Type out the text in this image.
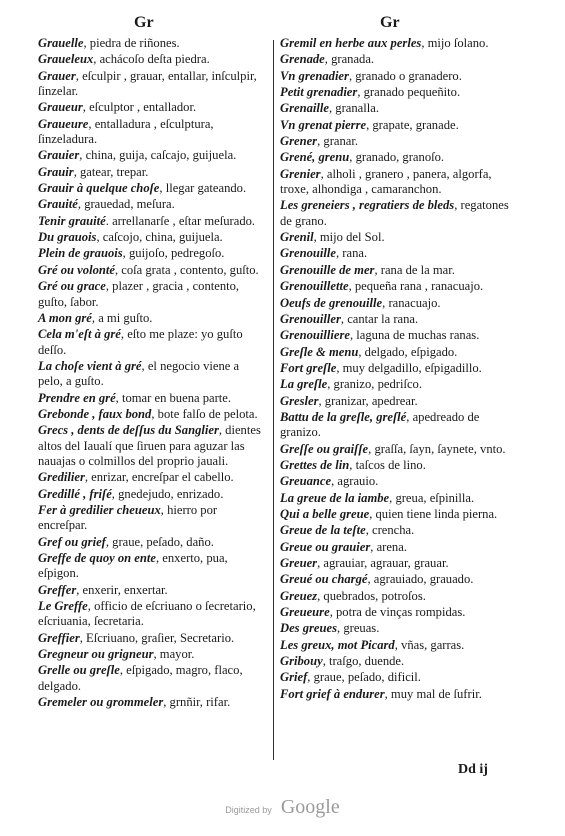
Gr	Gr
Grauelle, piedra de riñones.
Graueleux, achácoſo deſta piedra.
Grauer, eſculpir , grauar, entallar, inſculpir, ſinzelar.
Graueur, eſculptor , entallador.
Graueure, entalladura , eſculptura, ſinzeladura.
Grauier, china, guija, caſcajo, guijuela.
Grauir, gatear, trepar.
Grauir à quelque choſe, llegar gateando.
Grauité, grauedad, meſura.
Tenir grauité. arrellanarſe , eſtar meſurado.
Du grauois, caſcojo, china, guijuela.
Plein de grauois, guijoſo, pedregoſo.
Gré ou volonté, coſa grata , contento, guſto.
Gré ou grace, plazer , gracia , contento, guſto, ſabor.
A mon gré, a mi guſto.
Cela m'eſt à gré, eſto me plaze: yo guſto deſſo.
La choſe vient à gré, el negocio viene a pelo, a guſto.
Prendre en gré, tomar en buena parte.
Grebonde , faux bond, bote falſo de pelota.
Grecs , dents de deſſus du Sanglier, dientes altos del Iaualí que ſiruen para aguzar las nauajas o colmillos del proprio jauali.
Gredilier, enrizar, encreſpar el cabello.
Gredillé , friſé, gnedejudo, enrizado.
Fer à gredilier cheueux, hierro por encreſpar.
Gref ou grief, graue, peſado, daño.
Greffe de quoy on ente, enxerto, pua, eſpigon.
Greffer, enxerir, enxertar.
Le Greffe, officio de eſcriuano o ſecretario, eſcriuania, ſecretaria.
Greffier, Eſcriuano, graſier, Secretario.
Gregneur ou grigneur, mayor.
Grelle ou greſle, eſpigado, magro, flaco, delgado.
Gremeler ou grommeler, grnñir, rifar.
Gremil en herbe aux perles, mijo ſolano.
Grenade, granada.
Vn grenadier, granado o granadero.
Petit grenadier, granado pequeñito.
Grenaille, granalla.
Vn grenat pierre, grapate, granade.
Grener, granar.
Grené, grenu, granado, granoſo.
Grenier, alholi , granero , panera, algorfa, troxe, alhondiga , camaranchon.
Les greneiers , regratiers de bleds, regatones de grano.
Grenil, mijo del Sol.
Grenouille, rana.
Grenouille de mer, rana de la mar.
Grenouillette, pequeña rana , ranacuajo.
Oeufs de grenouille, ranacuajo.
Grenouiller, cantar la rana.
Grenouilliere, laguna de muchas ranas.
Greſle & menu, delgado, eſpigado.
Fort greſle, muy delgadillo, eſpigadillo.
La greſle, granizo, pedriſco.
Gresler, granizar, apedrear.
Battu de la greſle, greſlé, apedreado de granizo.
Greſſe ou graiſſe, graſſa, ſayn, ſaynete, vnto.
Grettes de lin, taſcos de lino.
Greuance, agrauio.
La greue de la iambe, greua, eſpinilla.
Qui a belle greue, quien tiene linda pierna.
Greue de la teſte, crencha.
Greue ou grauier, arena.
Greuer, agrauiar, agrauar, grauar.
Greué ou chargé, agrauiado, grauado.
Greuez, quebrados, potroſos.
Greueure, potra de vinças rompidas.
Des greues, greuas.
Les greux, mot Picard, vñas, garras.
Gribouy, traſgo, duende.
Grief, graue, peſado, dificil.
Fort grief à endurer, muy mal de ſufrir.
Dd ij
Digitized by Google
